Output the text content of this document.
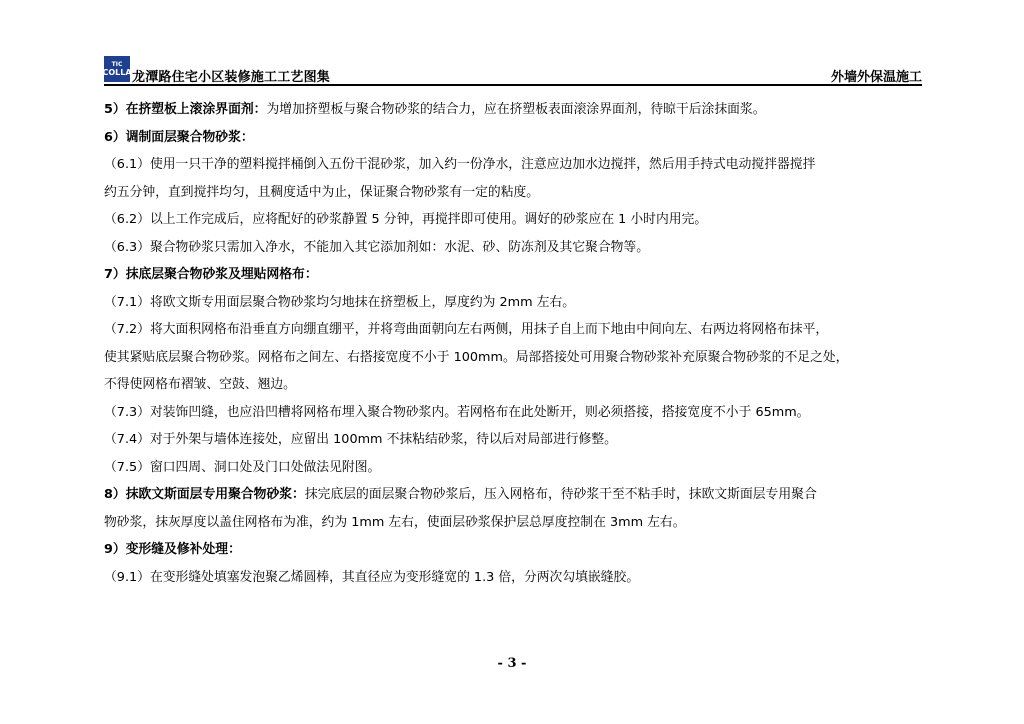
TIC
COLLA 龙潭路住宅小区装修施工工艺图集	外墙外保温施工
5）在挤塑板上滚涂界面剂：为增加挤塑板与聚合物砂浆的结合力，应在挤塑板表面滚涂界面剂，待晾干后涂抹面浆。
6）调制面层聚合物砂浆：
（6.1）使用一只干净的塑料搅拌桶倒入五份干混砂浆，加入约一份净水，注意应边加水边搅拌，然后用手持式电动搅拌器搅拌
约五分钟，直到搅拌均匀，且稠度适中为止，保证聚合物砂浆有一定的粘度。
（6.2）以上工作完成后，应将配好的砂浆静置 5 分钟，再搅拌即可使用。调好的砂浆应在 1 小时内用完。
（6.3）聚合物砂浆只需加入净水，不能加入其它添加剂如：水泥、砂、防冻剂及其它聚合物等。
7）抹底层聚合物砂浆及埋贴网格布：
（7.1）将欧文斯专用面层聚合物砂浆均匀地抹在挤塑板上，厚度约为 2mm 左右。
（7.2）将大面积网格布沿垂直方向绷直绷平，并将弯曲面朝向左右两侧，用抹子自上而下地由中间向左、右两边将网格布抹平，
使其紧贴底层聚合物砂浆。网格布之间左、右搭接宽度不小于 100mm。局部搭接处可用聚合物砂浆补充原聚合物砂浆的不足之处，
不得使网格布褶皱、空鼓、翘边。
（7.3）对装饰凹缝，也应沿凹槽将网格布埋入聚合物砂浆内。若网格布在此处断开，则必须搭接，搭接宽度不小于 65mm。
（7.4）对于外架与墙体连接处，应留出 100mm 不抹粘结砂浆，待以后对局部进行修整。
（7.5）窗口四周、洞口处及门口处做法见附图。
8）抹欧文斯面层专用聚合物砂浆：抹完底层的面层聚合物砂浆后，压入网格布，待砂浆干至不粘手时，抹欧文斯面层专用聚合
物砂浆，抹灰厚度以盖住网格布为准，约为 1mm 左右，使面层砂浆保护层总厚度控制在 3mm 左右。
9）变形缝及修补处理：
（9.1）在变形缝处填塞发泡聚乙烯圆棒，其直径应为变形缝宽的 1.3 倍，分两次勾填嵌缝胶。
- 3 -
